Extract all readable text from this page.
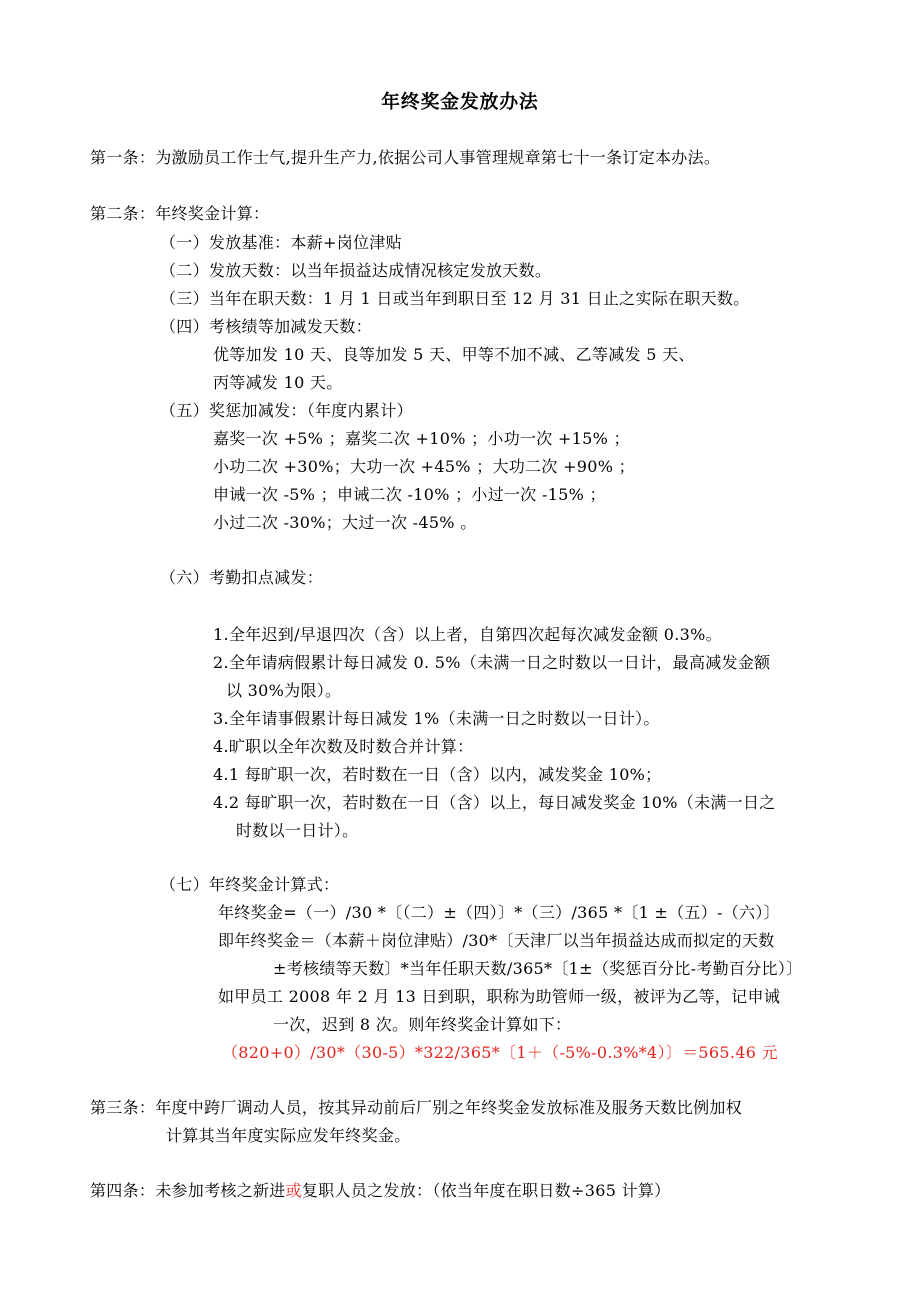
年终奖金发放办法
第一条：为激励员工作士气,提升生产力,依据公司人事管理规章第七十一条订定本办法。
第二条：年终奖金计算：
（一）发放基准：本薪+岗位津贴
（二）发放天数：以当年损益达成情况核定发放天数。
（三）当年在职天数：1 月 1 日或当年到职日至 12 月 31 日止之实际在职天数。
（四）考核绩等加减发天数：
优等加发 10 天、良等加发 5 天、甲等不加不减、乙等减发 5 天、
丙等减发 10 天。
（五）奖惩加减发：（年度内累计）
嘉奖一次 +5% ；嘉奖二次 +10% ；小功一次 +15% ；
小功二次 +30%；大功一次 +45% ；大功二次 +90% ；
申诫一次 -5% ；申诫二次 -10% ；小过一次 -15% ；
小过二次 -30%；大过一次 -45% 。
（六）考勤扣点减发：
1.全年迟到/早退四次（含）以上者，自第四次起每次减发金额 0.3%。
2.全年请病假累计每日减发 0. 5%（未满一日之时数以一日计，最高减发金额
以 30%为限）。
3.全年请事假累计每日减发 1%（未满一日之时数以一日计）。
4.旷职以全年次数及时数合并计算：
4.1 每旷职一次，若时数在一日（含）以内，减发奖金 10%；
4.2 每旷职一次，若时数在一日（含）以上，每日减发奖金 10%（未满一日之
时数以一日计）。
（七）年终奖金计算式：
年终奖金=（一）/30 *〔（二）±（四）〕*（三）/365 *〔1 ±（五）-（六）〕
即年终奖金＝（本薪＋岗位津贴）/30*〔天津厂以当年损益达成而拟定的天数
±考核绩等天数〕*当年任职天数/365*〔1±（奖惩百分比-考勤百分比）〕
如甲员工 2008 年 2 月 13 日到职，职称为助管师一级，被评为乙等，记申诫
一次，迟到 8 次。则年终奖金计算如下：
（820+0）/30*（30-5）*322/365*〔1＋（-5%-0.3%*4）〕＝565.46 元
第三条：年度中跨厂调动人员，按其异动前后厂别之年终奖金发放标准及服务天数比例加权
计算其当年度实际应发年终奖金。
第四条：未参加考核之新进或复职人员之发放：（依当年度在职日数÷365 计算）
